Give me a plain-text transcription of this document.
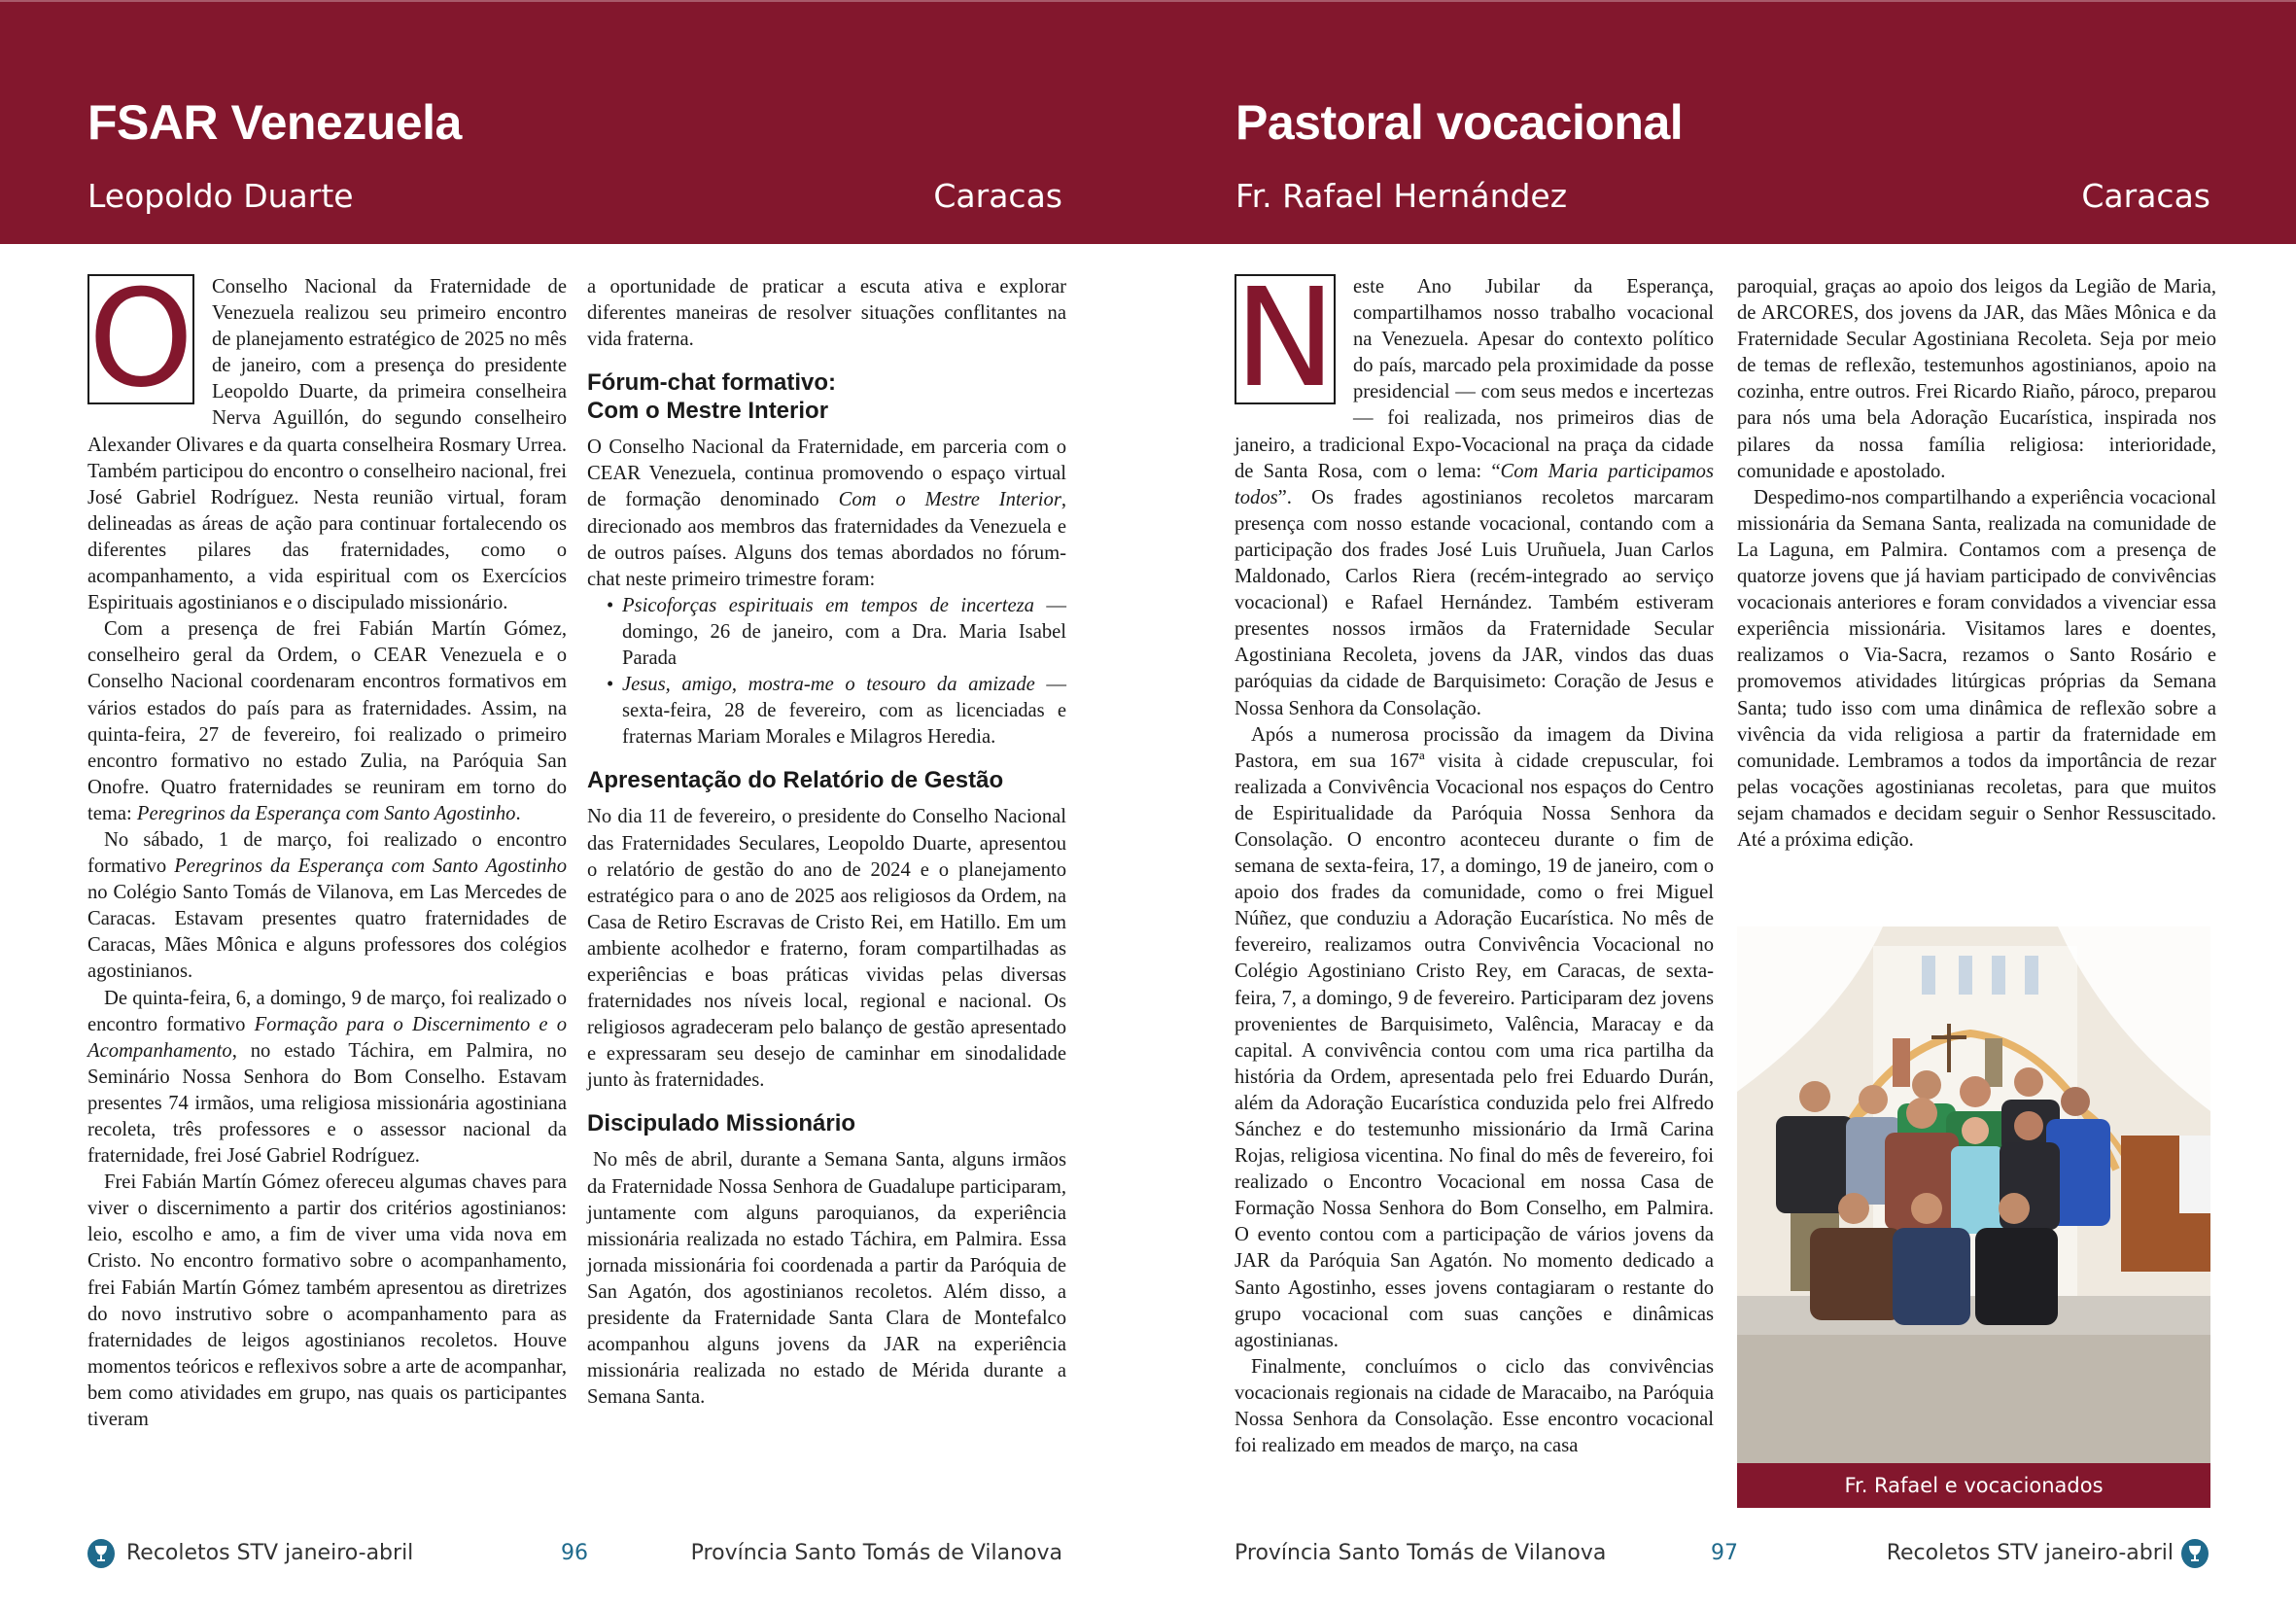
FSAR Venezuela
Leopoldo Duarte	Caracas
Pastoral vocacional
Fr. Rafael Hernández	Caracas
O Conselho Nacional da Fraternidade de Venezuela realizou seu primeiro encontro de planejamento estratégico de 2025 no mês de janeiro, com a presença do presidente Leopoldo Duarte, da primeira conselheira Nerva Aguillón, do segundo conselheiro Alexander Olivares e da quarta conselheira Rosmary Urrea. Também participou do encontro o conselheiro nacional, frei José Gabriel Rodríguez. Nesta reunião virtual, foram delineadas as áreas de ação para continuar fortalecendo os diferentes pilares das fraternidades, como o acompanhamento, a vida espiritual com os Exercícios Espirituais agostinianos e o discipulado missionário.

Com a presença de frei Fabián Martín Gómez, conselheiro geral da Ordem, o CEAR Venezuela e o Conselho Nacional coordenaram encontros formativos em vários estados do país para as fraternidades. Assim, na quinta-feira, 27 de fevereiro, foi realizado o primeiro encontro formativo no estado Zulia, na Paróquia San Onofre. Quatro fraternidades se reuniram em torno do tema: Peregrinos da Esperança com Santo Agostinho.

No sábado, 1 de março, foi realizado o encontro formativo Peregrinos da Esperança com Santo Agostinho no Colégio Santo Tomás de Vilanova, em Las Mercedes de Caracas. Estavam presentes quatro fraternidades de Caracas, Mães Mônica e alguns professores dos colégios agostinianos.

De quinta-feira, 6, a domingo, 9 de março, foi realizado o encontro formativo Formação para o Discernimento e o Acompanhamento, no estado Táchira, em Palmira, no Seminário Nossa Senhora do Bom Conselho. Estavam presentes 74 irmãos, uma religiosa missionária agostiniana recoleta, três professores e o assessor nacional da fraternidade, frei José Gabriel Rodríguez.

Frei Fabián Martín Gómez ofereceu algumas chaves para viver o discernimento a partir dos critérios agostinianos: leio, escolho e amo, a fim de viver uma vida nova em Cristo. No encontro formativo sobre o acompanhamento, frei Fabián Martín Gómez também apresentou as diretrizes do novo instrutivo sobre o acompanhamento para as fraternidades de leigos agostinianos recoletos. Houve momentos teóricos e reflexivos sobre a arte de acompanhar, bem como atividades em grupo, nas quais os participantes tiveram

a oportunidade de praticar a escuta ativa e explorar diferentes maneiras de resolver situações conflitantes na vida fraterna.

Fórum-chat formativo:
Com o Mestre Interior

O Conselho Nacional da Fraternidade, em parceria com o CEAR Venezuela, continua promovendo o espaço virtual de formação denominado Com o Mestre Interior, direcionado aos membros das fraternidades da Venezuela e de outros países. Alguns dos temas abordados no fórum-chat neste primeiro trimestre foram:

• Psicoforças espirituais em tempos de incerteza — domingo, 26 de janeiro, com a Dra. Maria Isabel Parada
• Jesus, amigo, mostra-me o tesouro da amizade — sexta-feira, 28 de fevereiro, com as licenciadas e fraternas Mariam Morales e Milagros Heredia.
Apresentação do Relatório de Gestão

No dia 11 de fevereiro, o presidente do Conselho Nacional das Fraternidades Seculares, Leopoldo Duarte, apresentou o relatório de gestão do ano de 2024 e o planejamento estratégico para o ano de 2025 aos religiosos da Ordem, na Casa de Retiro Escravas de Cristo Rei, em Hatillo. Em um ambiente acolhedor e fraterno, foram compartilhadas as experiências e boas práticas vividas pelas diversas fraternidades nos níveis local, regional e nacional. Os religiosos agradeceram pelo balanço de gestão apresentado e expressaram seu desejo de caminhar em sinodalidade junto às fraternidades.

Discipulado Missionário

No mês de abril, durante a Semana Santa, alguns irmãos da Fraternidade Nossa Senhora de Guadalupe participaram, juntamente com alguns paroquianos, da experiência missionária realizada no estado Táchira, em Palmira. Essa jornada missionária foi coordenada a partir da Paróquia de San Agatón, dos agostinianos recoletos. Além disso, a presidente da Fraternidade Santa Clara de Montefalco acompanhou alguns jovens da JAR na experiência missionária realizada no estado de Mérida durante a Semana Santa.

N este Ano Jubilar da Esperança, compartilhamos nosso trabalho vocacional na Venezuela. Apesar do contexto político do país, marcado pela proximidade da posse presidencial — com seus medos e incertezas — foi realizada, nos primeiros dias de janeiro, a tradicional Expo-Vocacional na praça da cidade de Santa Rosa, com o lema: “Com Maria participamos todos”. Os frades agostinianos recoletos marcaram presença com nosso estande vocacional, contando com a participação dos frades José Luis Uruñuela, Juan Carlos Maldonado, Carlos Riera (recém-integrado ao serviço vocacional) e Rafael Hernández. Também estiveram presentes nossos irmãos da Fraternidade Secular Agostiniana Recoleta, jovens da JAR, vindos das duas paróquias da cidade de Barquisimeto: Coração de Jesus e Nossa Senhora da Consolação.

Após a numerosa procissão da imagem da Divina Pastora, em sua 167ª visita à cidade crepuscular, foi realizada a Convivência Vocacional nos espaços do Centro de Espiritualidade da Paróquia Nossa Senhora da Consolação. O encontro aconteceu durante o fim de semana de sexta-feira, 17, a domingo, 19 de janeiro, com o apoio dos frades da comunidade, como o frei Miguel Núñez, que conduziu a Adoração Eucarística. No mês de fevereiro, realizamos outra Convivência Vocacional no Colégio Agostiniano Cristo Rey, em Caracas, de sexta-feira, 7, a domingo, 9 de fevereiro. Participaram dez jovens provenientes de Barquisimeto, Valência, Maracay e da capital. A convivência contou com uma rica partilha da história da Ordem, apresentada pelo frei Eduardo Durán, além da Adoração Eucarística conduzida pelo frei Alfredo Sánchez e do testemunho missionário da Irmã Carina Rojas, religiosa vicentina. No final do mês de fevereiro, foi realizado o Encontro Vocacional em nossa Casa de Formação Nossa Senhora do Bom Conselho, em Palmira. O evento contou com a participação de vários jovens da JAR da Paróquia San Agatón. No momento dedicado a Santo Agostinho, esses jovens contagiaram o restante do grupo vocacional com suas canções e dinâmicas agostinianas.

Finalmente, concluímos o ciclo das convivências vocacionais regionais na cidade de Maracaibo, na Paróquia Nossa Senhora da Consolação. Esse encontro vocacional foi realizado em meados de março, na casa

paroquial, graças ao apoio dos leigos da Legião de Maria, de ARCORES, dos jovens da JAR, das Mães Mônica e da Fraternidade Secular Agostiniana Recoleta. Seja por meio de temas de reflexão, testemunhos agostinianos, apoio na cozinha, entre outros. Frei Ricardo Riaño, pároco, preparou para nós uma bela Adoração Eucarística, inspirada nos pilares da nossa família religiosa: interioridade, comunidade e apostolado.

Despedimo-nos compartilhando a experiência vocacional missionária da Semana Santa, realizada na comunidade de La Laguna, em Palmira. Contamos com a presença de quatorze jovens que já haviam participado de convivências vocacionais anteriores e foram convidados a vivenciar essa experiência missionária. Visitamos lares e doentes, realizamos o Via-Sacra, rezamos o Santo Rosário e promovemos atividades litúrgicas próprias da Semana Santa; tudo isso com uma dinâmica de reflexão sobre a vivência da vida religiosa a partir da fraternidade em comunidade. Lembramos a todos da importância de rezar pelas vocações agostinianas recoletas, para que muitos sejam chamados e decidam seguir o Senhor Ressuscitado. Até a próxima edição.

Fr. Rafael e vocacionados
Recoletos STV janeiro-abril	96	Província Santo Tomás de Vilanova	Província Santo Tomás de Vilanova	97	Recoletos STV janeiro-abril
